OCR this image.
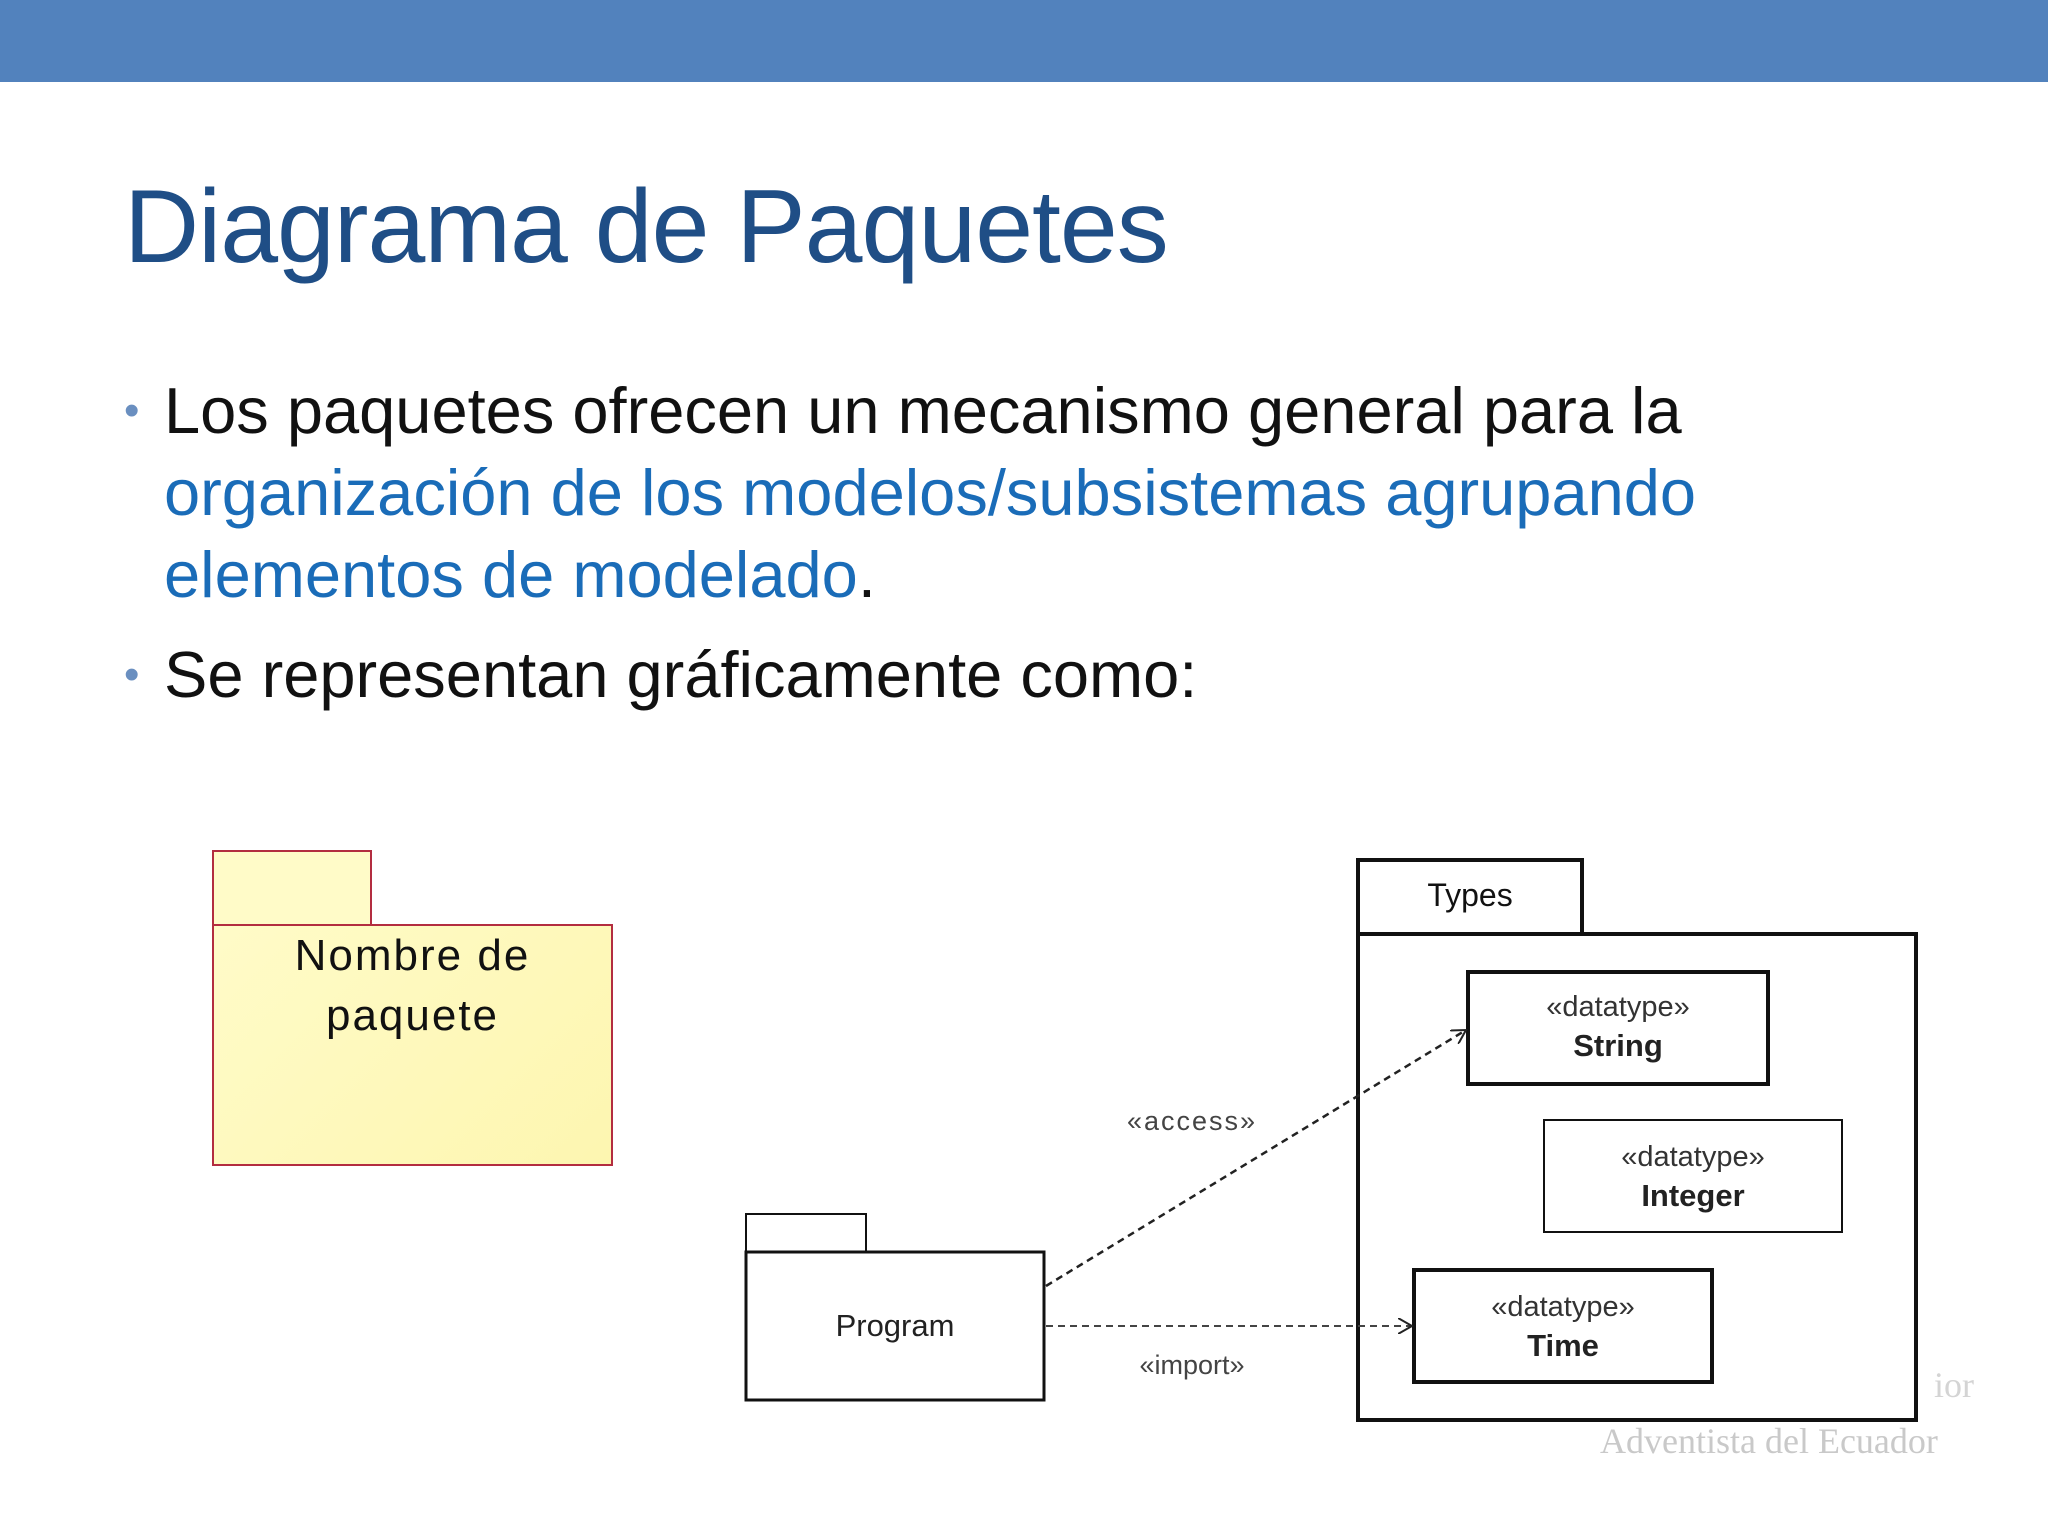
Diagrama de Paquetes
• Los paquetes ofrecen un mecanismo general para la organización de los modelos/subsistemas agrupando elementos de modelado.
• Se representan gráficamente como:
Nombre de
paquete
Types
«datatype»
String
«datatype»
Integer
«datatype»
Time
Program
«access»
«import»	ior
Adventista del Ecuador
